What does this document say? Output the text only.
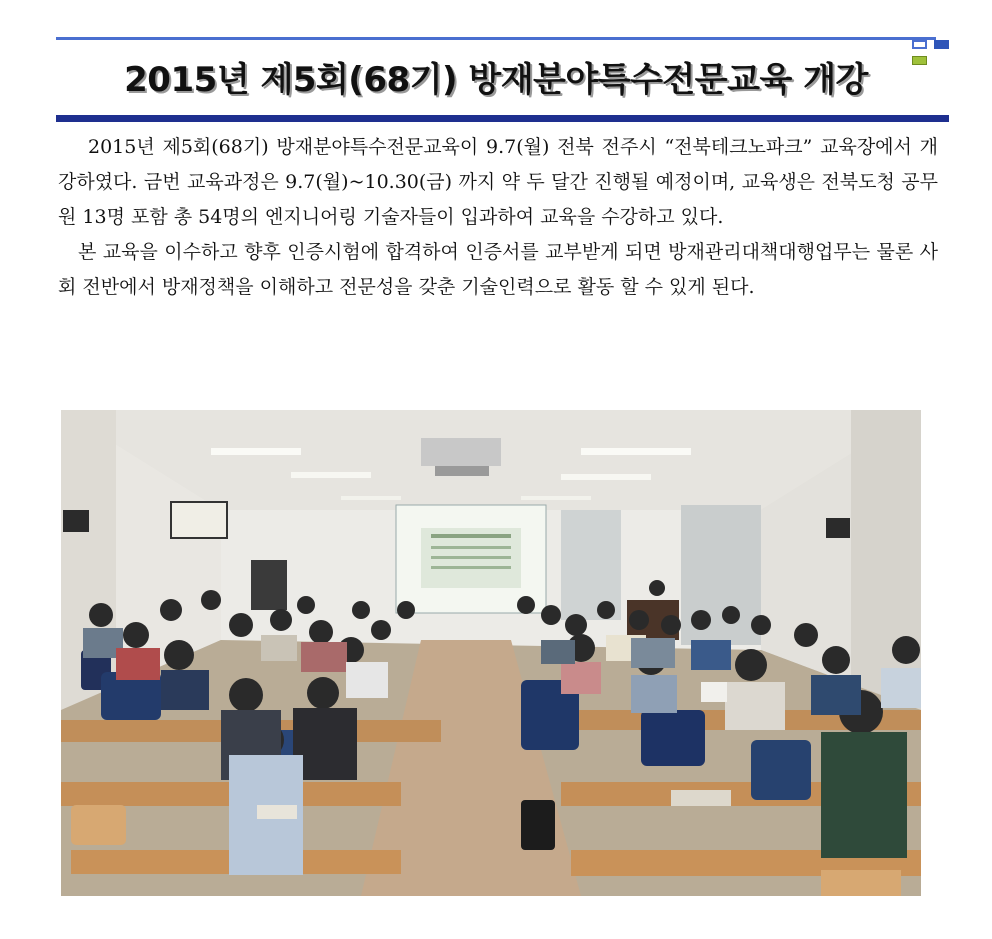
2015년 제5회(68기) 방재분야특수전문교육 개강

2015년 제5회(68기) 방재분야특수전문교육이 9.7(월) 전북 전주시 “전북테크노파크” 교육장에서 개강하였다. 금번 교육과정은 9.7(월)~10.30(금) 까지 약 두 달간 진행될 예정이며, 교육생은 전북도청 공무원 13명 포함 총 54명의 엔지니어링 기술자들이 입과하여 교육을 수강하고 있다.

본 교육을 이수하고 향후 인증시험에 합격하여 인증서를 교부받게 되면 방재관리대책대행업무는 물론 사회 전반에서 방재정책을 이해하고 전문성을 갖춘 기술인력으로 활동 할 수 있게 된다.
